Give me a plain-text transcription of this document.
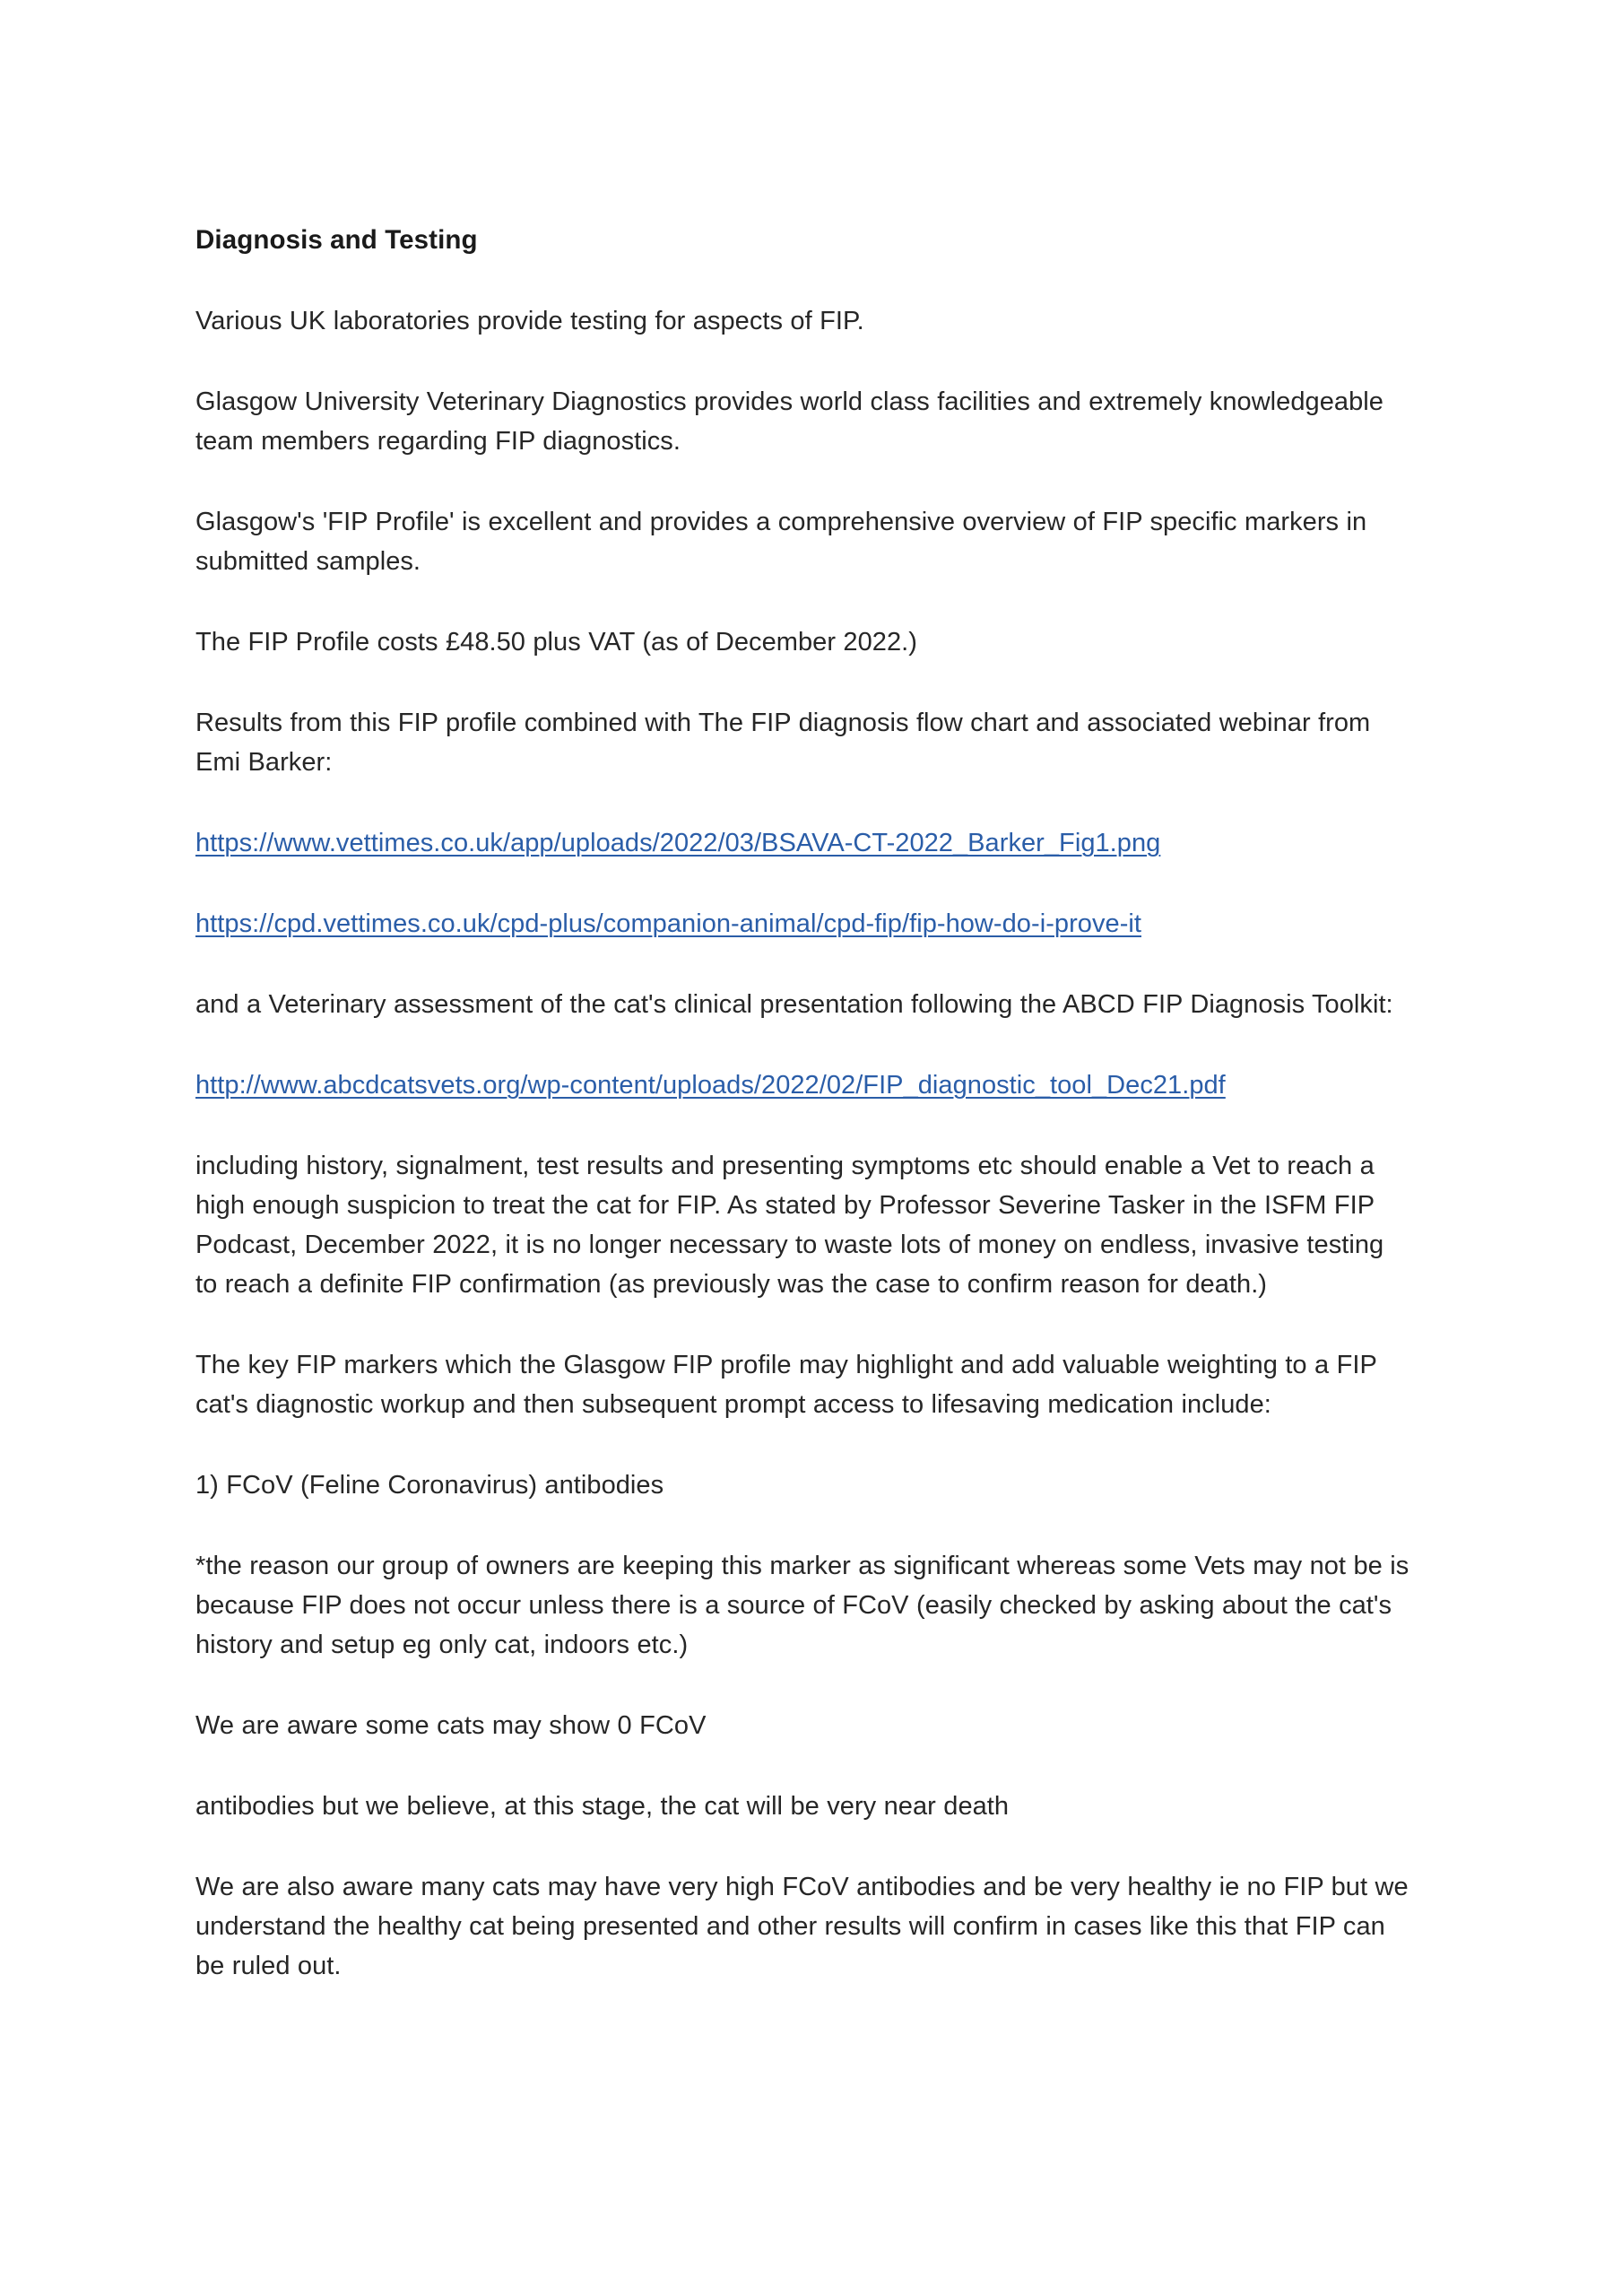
Diagnosis and Testing

Various UK laboratories provide testing for aspects of FIP.

Glasgow University Veterinary Diagnostics provides world class facilities and extremely knowledgeable team members regarding FIP diagnostics.

Glasgow's 'FIP Profile' is excellent and provides a comprehensive overview of FIP specific markers in submitted samples.

The FIP Profile costs £48.50 plus VAT (as of December 2022.)

Results from this FIP profile combined with The FIP diagnosis flow chart and associated webinar from Emi Barker:

https://www.vettimes.co.uk/app/uploads/2022/03/BSAVA-CT-2022_Barker_Fig1.png
https://cpd.vettimes.co.uk/cpd-plus/companion-animal/cpd-fip/fip-how-do-i-prove-it

and a Veterinary assessment of the cat's clinical presentation following the ABCD FIP Diagnosis Toolkit:

http://www.abcdcatsvets.org/wp-content/uploads/2022/02/FIP_diagnostic_tool_Dec21.pdf

including history, signalment, test results and presenting symptoms etc should enable a Vet to reach a high enough suspicion to treat the cat for FIP. As stated by Professor Severine Tasker in the ISFM FIP Podcast, December 2022, it is no longer necessary to waste lots of money on endless, invasive testing to reach a definite FIP confirmation (as previously was the case to confirm reason for death.)

The key FIP markers which the Glasgow FIP profile may highlight and add valuable weighting to a FIP cat's diagnostic workup and then subsequent prompt access to lifesaving medication include:

1) FCoV (Feline Coronavirus) antibodies

*the reason our group of owners are keeping this marker as significant whereas some Vets may not be is because FIP does not occur unless there is a source of FCoV (easily checked by asking about the cat's history and setup eg only cat, indoors etc.)

We are aware some cats may show 0 FCoV

antibodies but we believe, at this stage, the cat will be very near death

We are also aware many cats may have very high FCoV antibodies and be very healthy ie no FIP but we understand the healthy cat being presented and other results will confirm in cases like this that FIP can be ruled out.
